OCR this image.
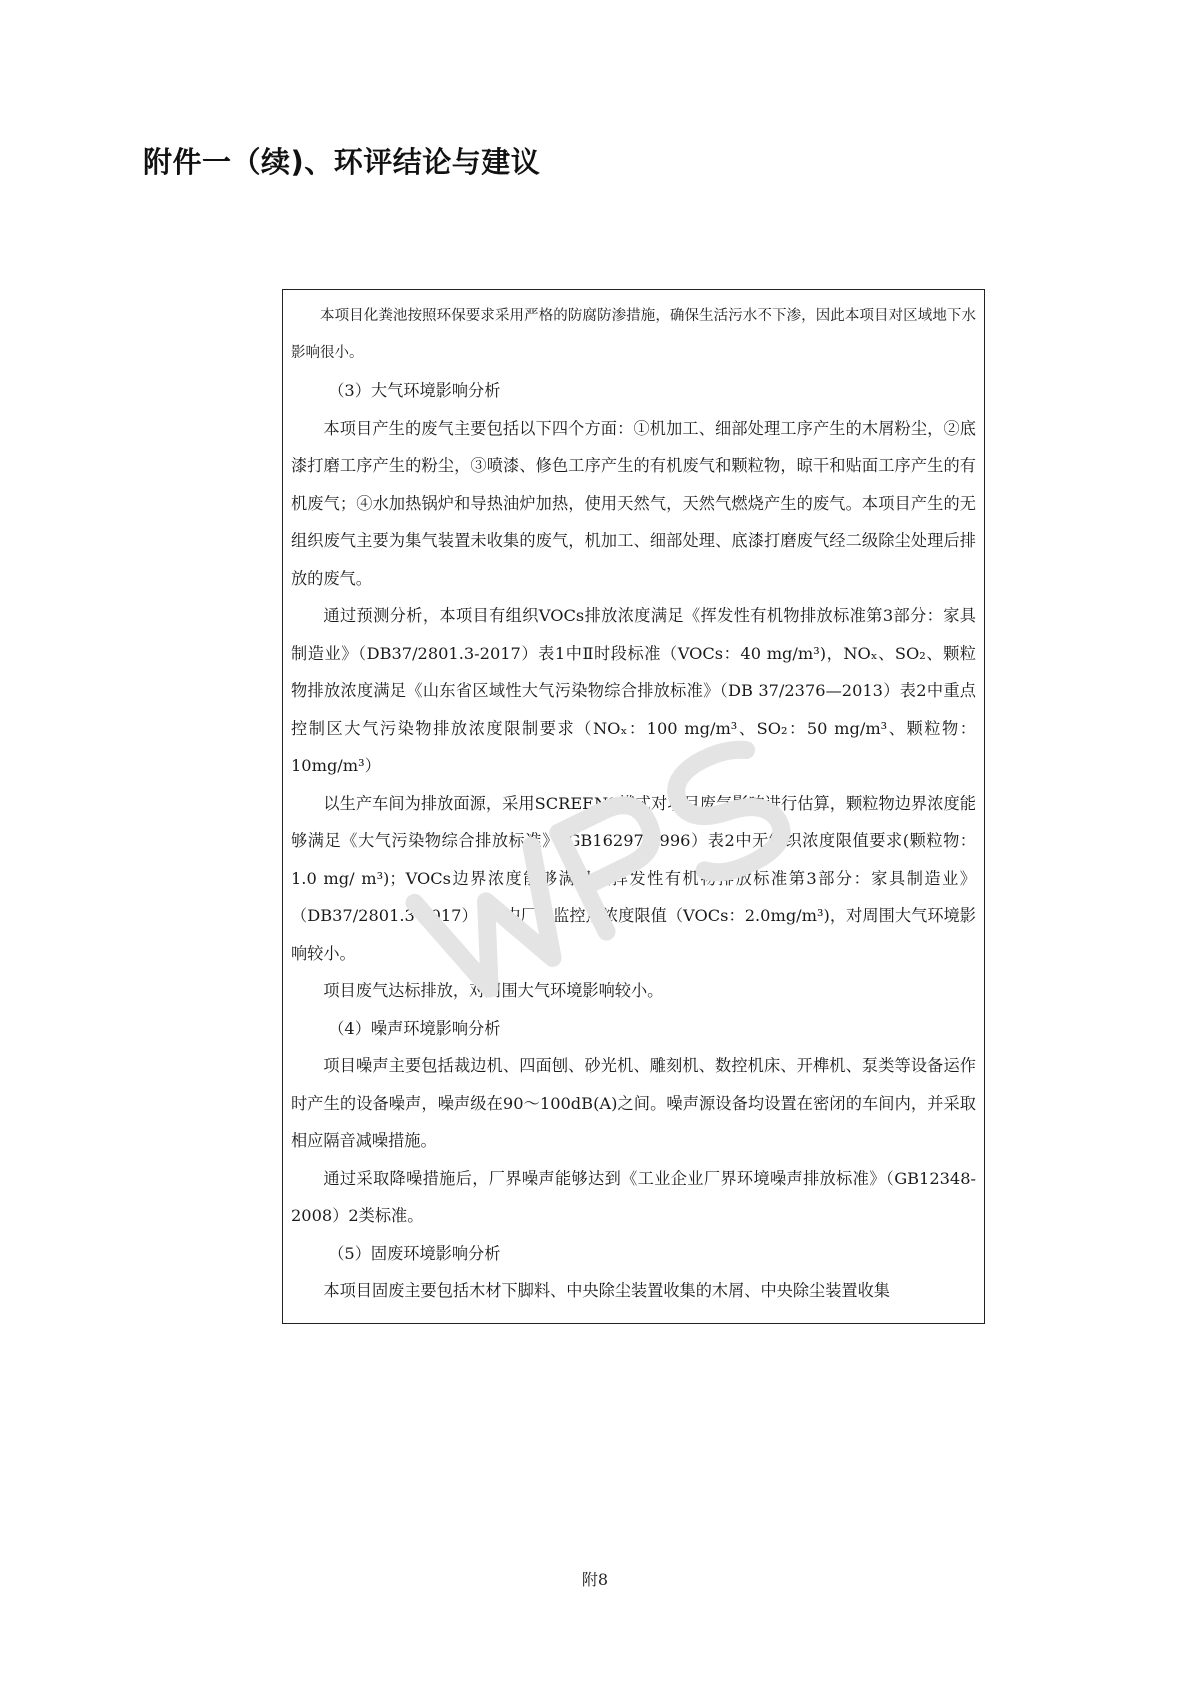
附件一（续)、环评结论与建议

本项目化粪池按照环保要求采用严格的防腐防渗措施，确保生活污水不下渗，因此本项目对区域地下水影响很小。

（3）大气环境影响分析

本项目产生的废气主要包括以下四个方面：①机加工、细部处理工序产生的木屑粉尘，②底漆打磨工序产生的粉尘，③喷漆、修色工序产生的有机废气和颗粒物，晾干和贴面工序产生的有机废气；④水加热锅炉和导热油炉加热，使用天然气，天然气燃烧产生的废气。本项目产生的无组织废气主要为集气装置未收集的废气，机加工、细部处理、底漆打磨废气经二级除尘处理后排放的废气。

通过预测分析，本项目有组织VOCs排放浓度满足《挥发性有机物排放标准第3部分：家具制造业》（DB37/2801.3-2017）表1中Ⅱ时段标准（VOCs：40 mg/m³)，NOₓ、SO₂、颗粒物排放浓度满足《山东省区域性大气污染物综合排放标准》（DB 37/2376—2013）表2中重点控制区大气污染物排放浓度限制要求（NOₓ：100 mg/m³、SO₂：50 mg/m³、颗粒物：10mg/m³）

以生产车间为排放面源，采用SCREEN3模式对项目废气影响进行估算，颗粒物边界浓度能够满足《大气污染物综合排放标准》（GB16297-1996）表2中无组织浓度限值要求(颗粒物：1.0 mg/ m³)；VOCs边界浓度能够满足《挥发性有机物排放标准第3部分：家具制造业》（DB37/2801.3-2017）表2中厂界监控点浓度限值（VOCs：2.0mg/m³)，对周围大气环境影响较小。

项目废气达标排放，对周围大气环境影响较小。

（4）噪声环境影响分析

项目噪声主要包括裁边机、四面刨、砂光机、雕刻机、数控机床、开榫机、泵类等设备运作时产生的设备噪声，噪声级在90～100dB(A)之间。噪声源设备均设置在密闭的车间内，并采取相应隔音减噪措施。

通过采取降噪措施后，厂界噪声能够达到《工业企业厂界环境噪声排放标准》（GB12348-2008）2类标准。

（5）固废环境影响分析

本项目固废主要包括木材下脚料、中央除尘装置收集的木屑、中央除尘装置收集

WPS
附8
